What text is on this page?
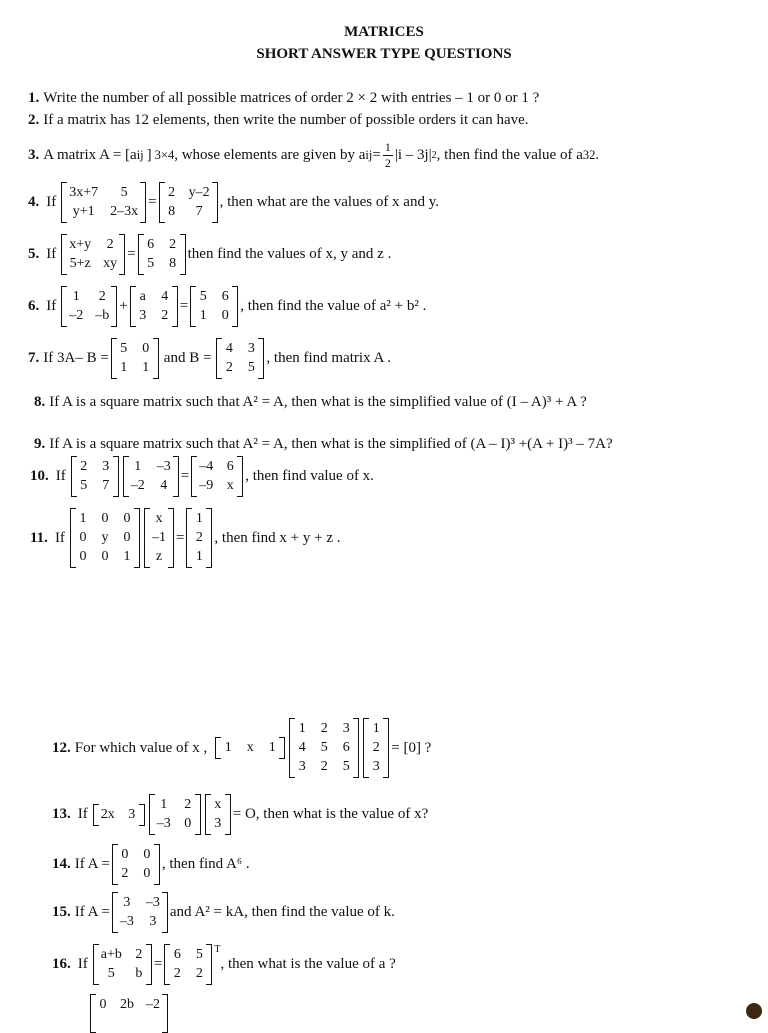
MATRICES
SHORT ANSWER TYPE QUESTIONS
1. Write the number of all possible matrices of order 2 × 2 with entries – 1 or 0 or 1 ?
2. If a matrix has 12 elements, then write the number of possible orders it can have.
3. A matrix A = [a ij ] 3×4 , whose elements are given by a ij = $\frac{1}{2} |i - 3j|$ 2 , then find the value of a 32 .
4. If
3x+7	5
y+1 2–3x
=
2 y–2
8	7
, then what are the values of x and y.
5. If
x+y 2
5+z xy
=
6 2
5 8
then find the values of x, y and z .
6. If
1 2
–2 –b
+
a 4
3 2
=
5 6
1 0
, then find the value of a² + b² .
7. If 3A– B =
5 0
1 1
and B =
4 3
2 5
, then find matrix A .
8. If A is a square matrix such that A² = A, then what is the simplified value of (I – A)³ + A ?
9. If A is a square matrix such that A² = A, then what is the simplified of (A – I)³ +(A + I)³ – 7A?
10. If
2 3
5 7
1 –3
–2 4
=
–4 6
–9 x
, then find value of x.
11. If
1 0 0
0 y 0
0 0 1
x
–1
z
=
1
2
1
, then find x + y + z .
12. For which value of x , 1 x 1
1 2 3
4 5 6
3 2 5
1
2
3
= [0] ?
13. If 2x 3
1 2
–3 0
x
3
= O, then what is the value of x?
14. If A =
0 0
2 0
, then find A⁶ .
15. If A =
3 –3
–3 3
and A² = kA, then find the value of k.
16. If
a+b 2
5	b
=
6 5
2 2
$^T$
, then what is the value of a ?
0 2b –2
